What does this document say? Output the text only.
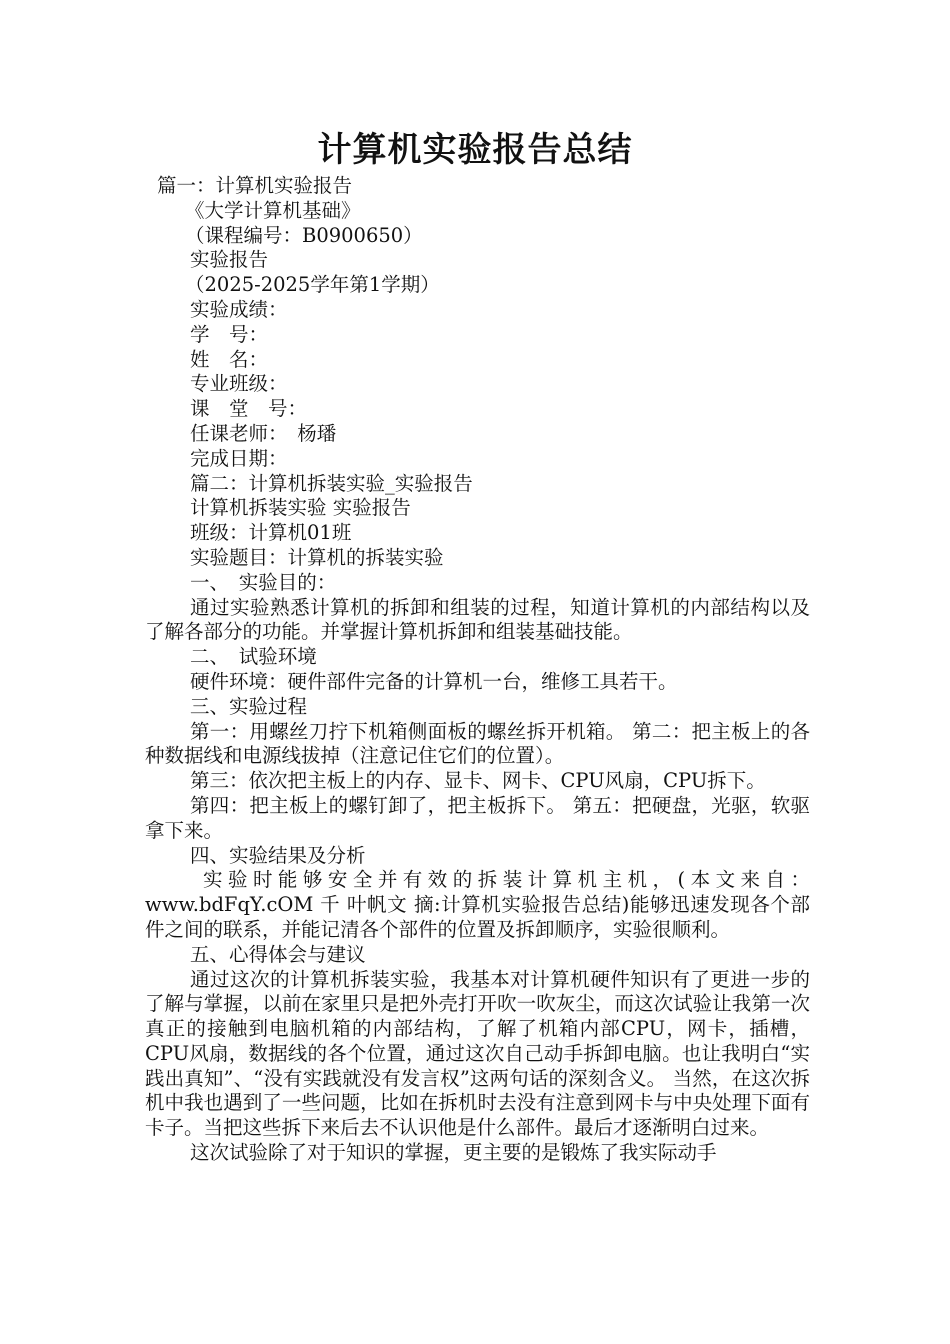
计算机实验报告总结

篇一：计算机实验报告

《大学计算机基础》

（课程编号：B0900650）

实验报告

（2025-2025学年第1学期）

实验成绩：

学　号：

姓　名：

专业班级：

课　堂　号：

任课老师：　杨璠

完成日期：

篇二：计算机拆装实验_实验报告

计算机拆装实验 实验报告

班级：计算机01班

实验题目：计算机的拆装实验

一、　实验目的：

通过实验熟悉计算机的拆卸和组装的过程，知道计算机的内部结构以及了解各部分的功能。并掌握计算机拆卸和组装基础技能。

二、　试验环境

硬件环境：硬件部件完备的计算机一台，维修工具若干。

三、实验过程

第一：用螺丝刀拧下机箱侧面板的螺丝拆开机箱。 第二：把主板上的各种数据线和电源线拔掉（注意记住它们的位置）。

第三：依次把主板上的内存、显卡、网卡、CPU风扇，CPU拆下。

第四：把主板上的螺钉卸了，把主板拆下。 第五：把硬盘，光驱，软驱拿下来。

四、实验结果及分析

实验时能够安全并有效的拆装计算机主机，(本文来自：www.bdFqY.cOM 千 叶帆文 摘:计算机实验报告总结)能够迅速发现各个部件之间的联系，并能记清各个部件的位置及拆卸顺序，实验很顺利。

五、心得体会与建议

通过这次的计算机拆装实验，我基本对计算机硬件知识有了更进一步的了解与掌握，以前在家里只是把外壳打开吹一吹灰尘，而这次试验让我第一次真正的接触到电脑机箱的内部结构，了解了机箱内部CPU，网卡，插槽，CPU风扇，数据线的各个位置，通过这次自己动手拆卸电脑。也让我明白“实践出真知”、“没有实践就没有发言权”这两句话的深刻含义。 当然，在这次拆机中我也遇到了一些问题，比如在拆机时去没有注意到网卡与中央处理下面有卡子。当把这些拆下来后去不认识他是什么部件。最后才逐渐明白过来。

这次试验除了对于知识的掌握，更主要的是锻炼了我实际动手
